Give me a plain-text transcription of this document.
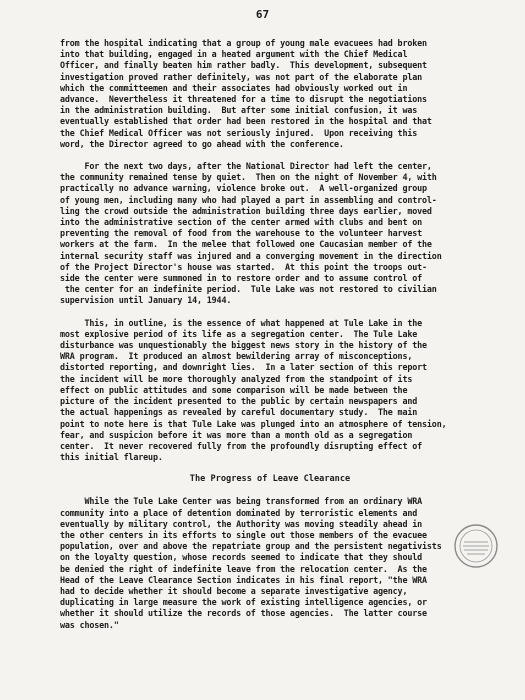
67

from the hospital indicating that a group of young male evacuees had broken
into that building, engaged in a heated argument with the Chief Medical
Officer, and finally beaten him rather badly.  This development, subsequent
investigation proved rather definitely, was not part of the elaborate plan
which the committeemen and their associates had obviously worked out in
advance.  Nevertheless it threatened for a time to disrupt the negotiations
in the administration building.  But after some initial confusion, it was
eventually established that order had been restored in the hospital and that
the Chief Medical Officer was not seriously injured.  Upon receiving this
word, the Director agreed to go ahead with the conference.

For the next two days, after the National Director had left the center,
the community remained tense by quiet.  Then on the night of November 4, with
practically no advance warning, violence broke out.  A well-organized group
of young men, including many who had played a part in assembling and control-
ling the crowd outside the administration building three days earlier, moved
into the administrative section of the center armed with clubs and bent on
preventing the removal of food from the warehouse to the volunteer harvest
workers at the farm.  In the melee that followed one Caucasian member of the
internal security staff was injured and a converging movement in the direction
of the Project Director's house was started.  At this point the troops out-
side the center were summoned in to restore order and to assume control of
the center for an indefinite period.  Tule Lake was not restored to civilian
supervision until January 14, 1944.

This, in outline, is the essence of what happened at Tule Lake in the
most explosive period of its life as a segregation center.  The Tule Lake
disturbance was unquestionably the biggest news story in the history of the
WRA program.  It produced an almost bewildering array of misconceptions,
distorted reporting, and downright lies.  In a later section of this report
the incident will be more thoroughly analyzed from the standpoint of its
effect on public attitudes and some comparison will be made between the
picture of the incident presented to the public by certain newspapers and
the actual happenings as revealed by careful documentary study.  The main
point to note here is that Tule Lake was plunged into an atmosphere of tension,
fear, and suspicion before it was more than a month old as a segregation
center.  It never recovered fully from the profoundly disrupting effect of
this initial flareup.

The Progress of Leave Clearance

While the Tule Lake Center was being transformed from an ordinary WRA
community into a place of detention dominated by terroristic elements and
eventually by military control, the Authority was moving steadily ahead in
the other centers in its efforts to single out those members of the evacuee
population, over and above the repatriate group and the persistent negativists
on the loyalty question, whose records seemed to indicate that they should
be denied the right of indefinite leave from the relocation center.  As the
Head of the Leave Clearance Section indicates in his final report, "the WRA
had to decide whether it should become a separate investigative agency,
duplicating in large measure the work of existing intelligence agencies, or
whether it should utilize the records of those agencies.  The latter course
was chosen."
